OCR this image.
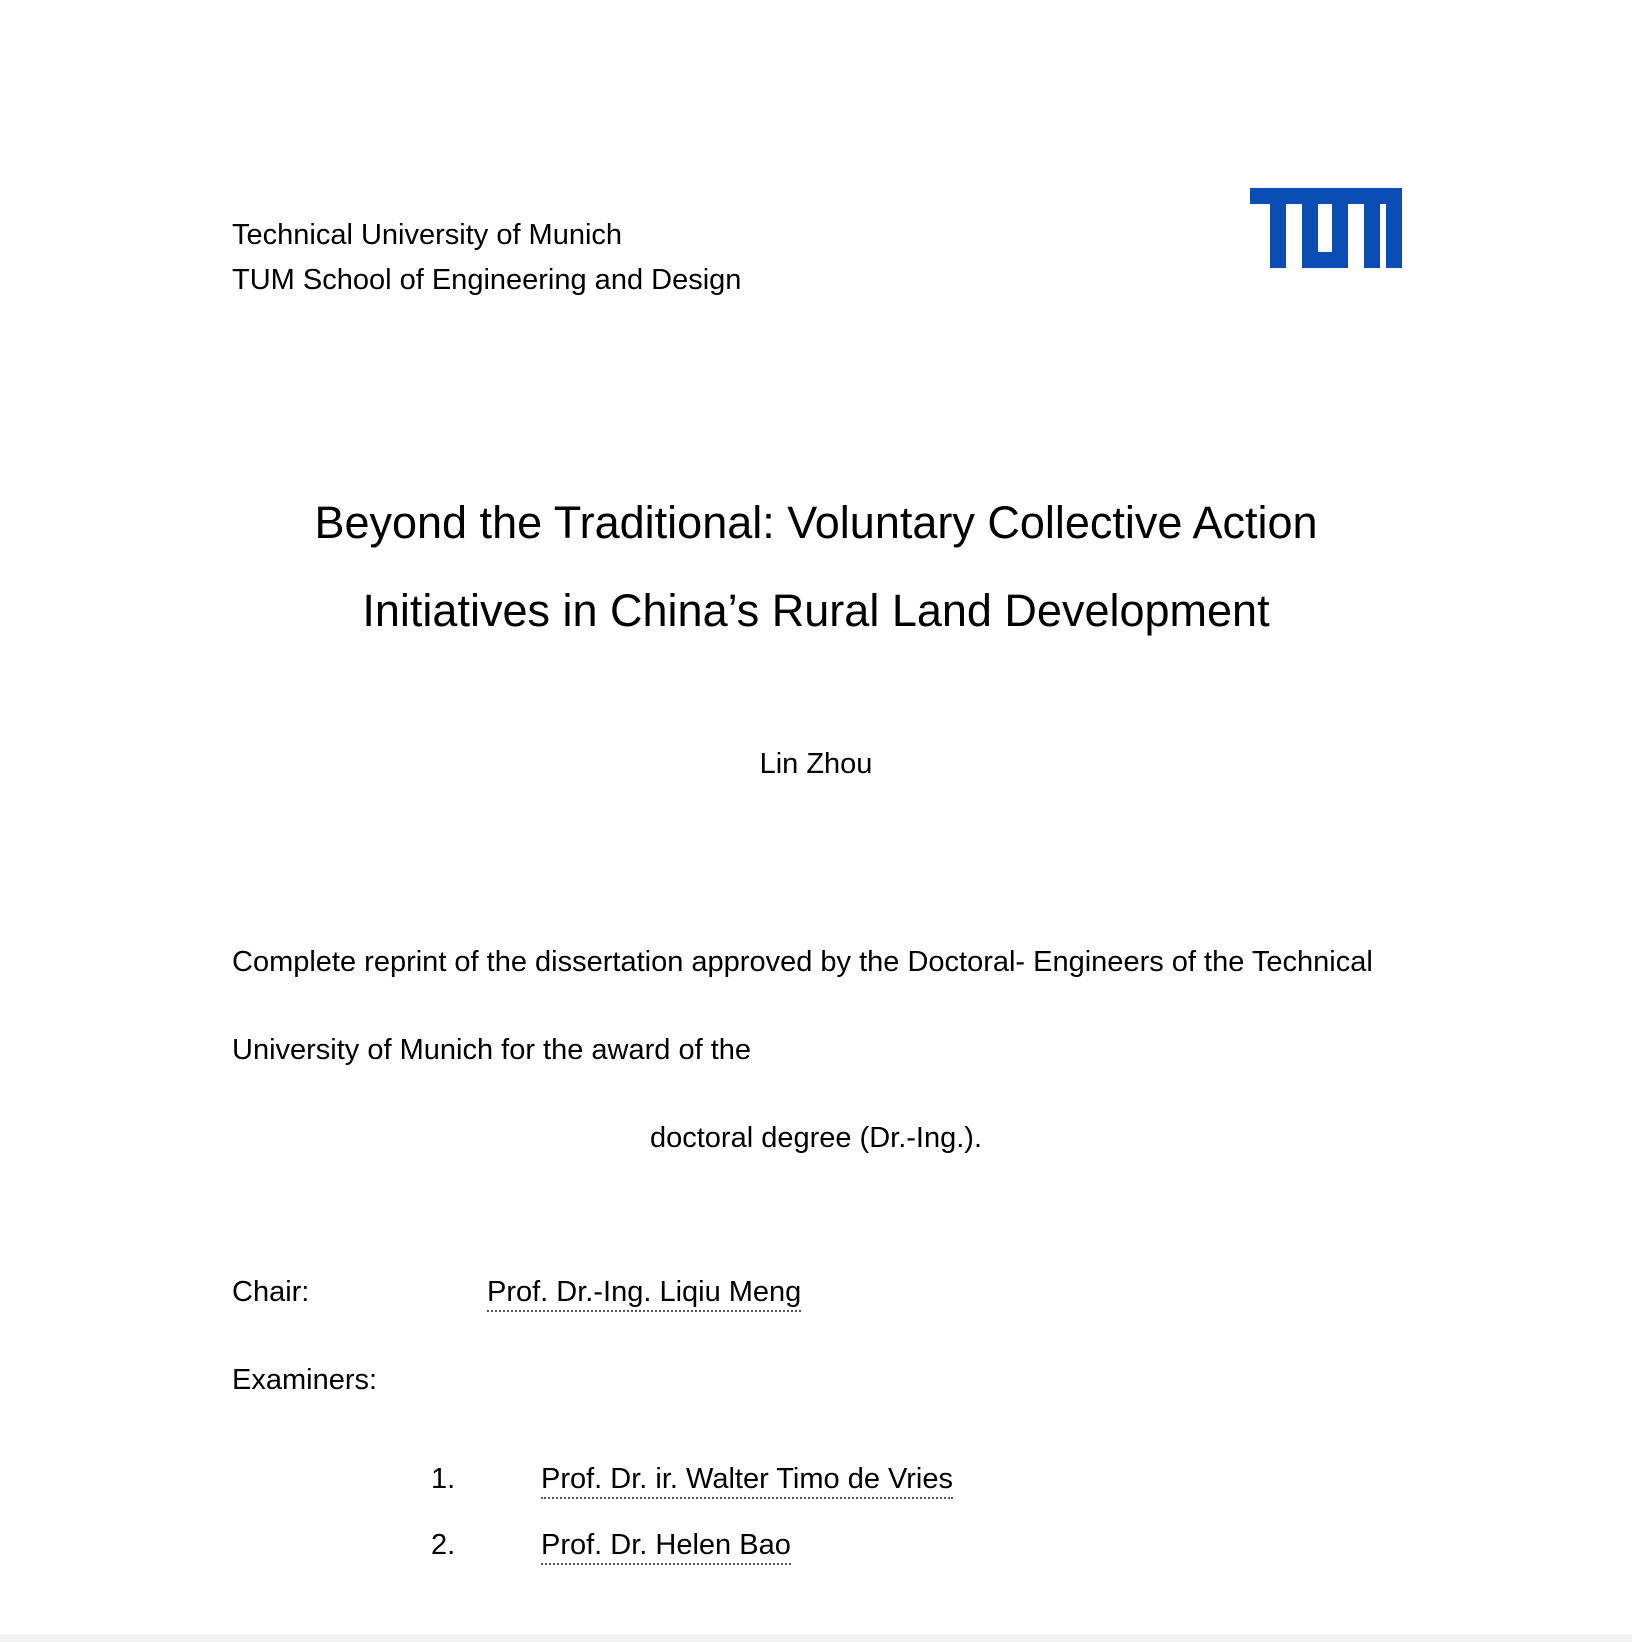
Technical University of Munich
TUM School of Engineering and Design
Beyond the Traditional: Voluntary Collective Action
Initiatives in China’s Rural Land Development
Lin Zhou
Complete reprint of the dissertation approved by the Doctoral- Engineers of the Technical
University of Munich for the award of the
doctoral degree (Dr.-Ing.).
Chair:	Prof. Dr.-Ing. Liqiu Meng
Examiners:
1.	Prof. Dr. ir. Walter Timo de Vries
2.	Prof. Dr. Helen Bao
